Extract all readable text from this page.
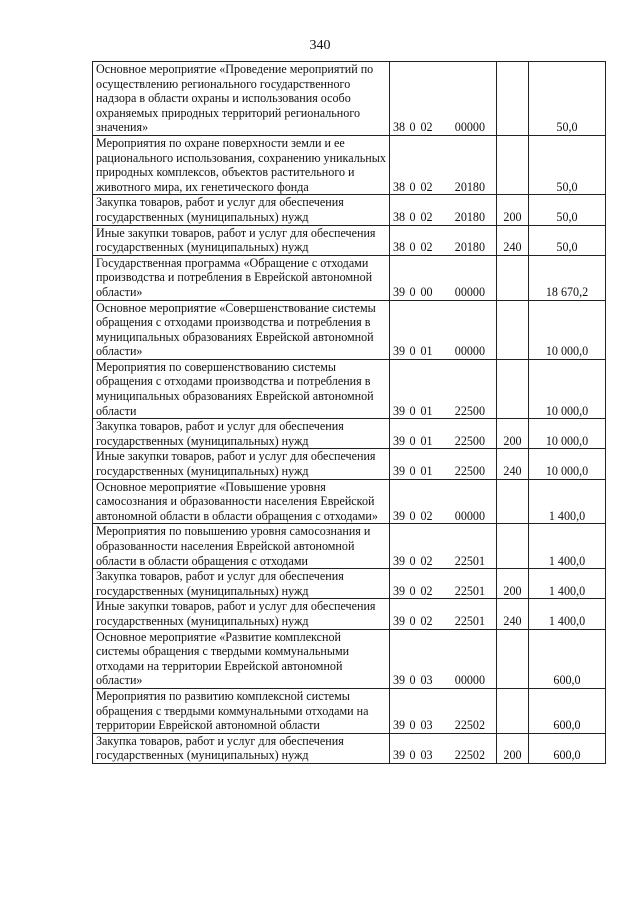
340
Основное мероприятие «Проведение мероприятий по осуществлению регионального государственного надзора в области охраны и использования особо охраняемых природных территорий регионального значения»	38 0 02 00000		50,0
Мероприятия по охране поверхности земли и ее рационального использования, сохранению уникальных природных комплексов, объектов растительного и животного мира, их генетического фонда	38 0 02 20180		50,0
Закупка товаров, работ и услуг для обеспечения государственных (муниципальных) нужд	38 0 02 20180	200	50,0
Иные закупки товаров, работ и услуг для обеспечения государственных (муниципальных) нужд	38 0 02 20180	240	50,0
Государственная программа «Обращение с отходами производства и потребления в Еврейской автономной области»	39 0 00 00000		18 670,2
Основное мероприятие «Совершенствование системы обращения с отходами производства и потребления в муниципальных образованиях Еврейской автономной области»	39 0 01 00000		10 000,0
Мероприятия по совершенствованию системы обращения с отходами производства и потребления в муниципальных образованиях Еврейской автономной области	39 0 01 22500		10 000,0
Закупка товаров, работ и услуг для обеспечения государственных (муниципальных) нужд	39 0 01 22500	200	10 000,0
Иные закупки товаров, работ и услуг для обеспечения государственных (муниципальных) нужд	39 0 01 22500	240	10 000,0
Основное мероприятие «Повышение уровня самосознания и образованности населения Еврейской автономной области в области обращения с отходами»	39 0 02 00000		1 400,0
Мероприятия по повышению уровня самосознания и образованности населения Еврейской автономной области в области обращения с отходами	39 0 02 22501		1 400,0
Закупка товаров, работ и услуг для обеспечения государственных (муниципальных) нужд	39 0 02 22501	200	1 400,0
Иные закупки товаров, работ и услуг для обеспечения государственных (муниципальных) нужд	39 0 02 22501	240	1 400,0
Основное мероприятие «Развитие комплексной системы обращения с твердыми коммунальными отходами на территории Еврейской автономной области»	39 0 03 00000		600,0
Мероприятия по развитию комплексной системы обращения с твердыми коммунальными отходами на территории Еврейской автономной области	39 0 03 22502		600,0
Закупка товаров, работ и услуг для обеспечения государственных (муниципальных) нужд	39 0 03 22502	200	600,0
